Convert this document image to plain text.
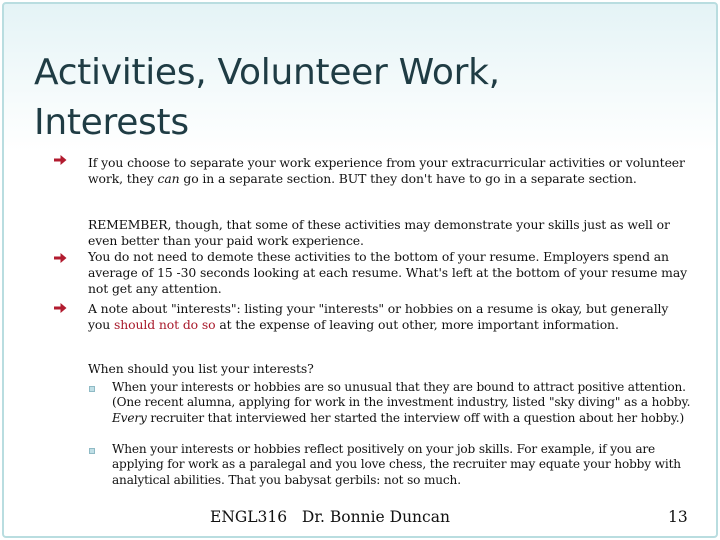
Activities, Volunteer Work,
Interests
If you choose to separate your work experience from your extracurricular activities or volunteer work, they can go in a separate section. BUT they don't have to go in a separate section.
REMEMBER, though, that some of these activities may demonstrate your skills just as well or even better than your paid work experience.
You do not need to demote these activities to the bottom of your resume. Employers spend an average of 15 -30 seconds looking at each resume. What's left at the bottom of your resume may not get any attention.
A note about "interests": listing your "interests" or hobbies on a resume is okay, but generally you should not do so at the expense of leaving out other, more important information.
When should you list your interests?
When your interests or hobbies are so unusual that they are bound to attract positive attention. (One recent alumna, applying for work in the investment industry, listed "sky diving" as a hobby. Every recruiter that interviewed her started the interview off with a question about her hobby.)
When your interests or hobbies reflect positively on your job skills. For example, if you are applying for work as a paralegal and you love chess, the recruiter may equate your hobby with analytical abilities. That you babysat gerbils: not so much.
ENGL316   Dr. Bonnie Duncan	13
